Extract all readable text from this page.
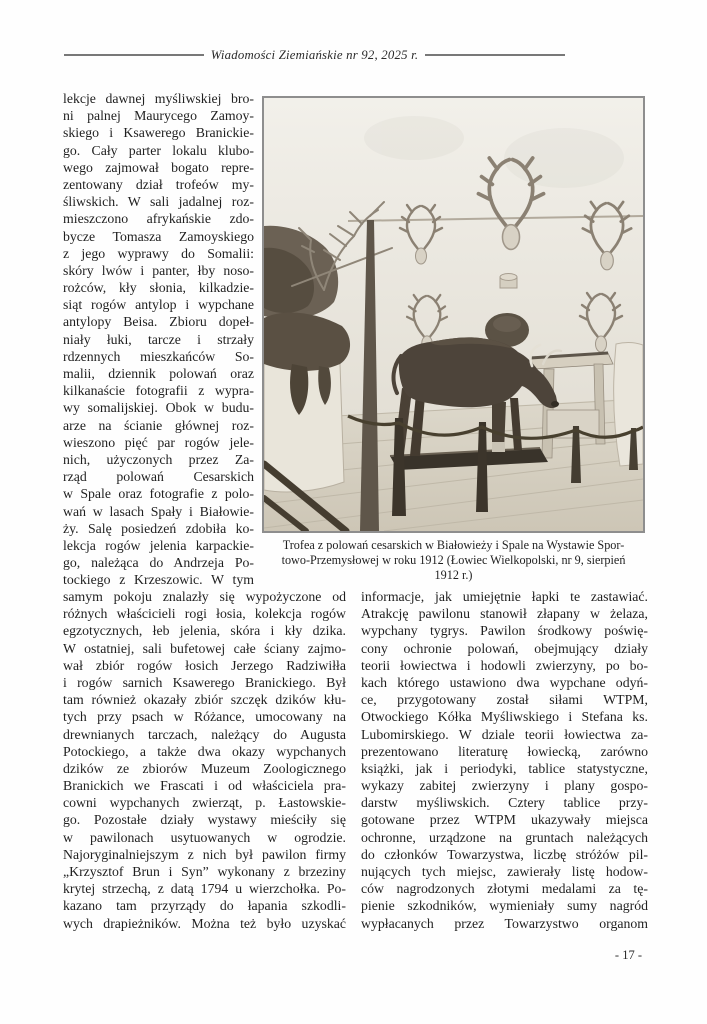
Wiadomości Ziemiańskie nr 92, 2025 r.
lekcje dawnej myśliwskiej bro-
ni palnej Maurycego Zamoy-
skiego i Ksawerego Branickie-
go. Cały parter lokalu klubo-
wego zajmował bogato repre-
zentowany dział trofeów my-
śliwskich. W sali jadalnej roz-
mieszczono afrykańskie zdo-
bycze Tomasza Zamoyskiego
z jego wyprawy do Somalii:
skóry lwów i panter, łby noso-
rożców, kły słonia, kilkadzie-
siąt rogów antylop i wypchane
antylopy Beisa. Zbioru dopeł-
niały łuki, tarcze i strzały
rdzennych mieszkańców So-
malii, dziennik polowań oraz
kilkanaście fotografii z wypra-
wy somalijskiej. Obok w budu-
arze na ścianie głównej roz-
wieszono pięć par rogów jele-
nich, użyczonych przez Za-
rząd polowań Cesarskich
w Spale oraz fotografie z polo-
wań w lasach Spały i Białowie-
ży. Salę posiedzeń zdobiła ko-
lekcja rogów jelenia karpackie-
go, należąca do Andrzeja Po-
tockiego z Krzeszowic. W tym
Trofea z polowań cesarskich w Białowieży i Spale na Wystawie Spor-
towo-Przemysłowej w roku 1912 (Łowiec Wielkopolski, nr 9, sierpień
1912 r.)
samym pokoju znalazły się wypożyczone od
różnych właścicieli rogi łosia, kolekcja rogów
egzotycznych, łeb jelenia, skóra i kły dzika.
W ostatniej, sali bufetowej całe ściany zajmo-
wał zbiór rogów łosich Jerzego Radziwiłła
i rogów sarnich Ksawerego Branickiego. Był
tam również okazały zbiór szczęk dzików kłu-
tych przy psach w Różance, umocowany na
drewnianych tarczach, należący do Augusta
Potockiego, a także dwa okazy wypchanych
dzików ze zbiorów Muzeum Zoologicznego
Branickich we Frascati i od właściciela pra-
cowni wypchanych zwierząt, p. Łastowskie-
go. Pozostałe działy wystawy mieściły się
w pawilonach usytuowanych w ogrodzie.
Najoryginalniejszym z nich był pawilon firmy
„Krzysztof Brun i Syn” wykonany z brzeziny
krytej strzechą, z datą 1794 u wierzchołka. Po-
kazano tam przyrządy do łapania szkodli-
wych drapieżników. Można też było uzyskać
informacje, jak umiejętnie łapki te zastawiać.
Atrakcję pawilonu stanowił złapany w żelaza,
wypchany tygrys. Pawilon środkowy poświę-
cony ochronie polowań, obejmujący działy
teorii łowiectwa i hodowli zwierzyny, po bo-
kach którego ustawiono dwa wypchane odyń-
ce, przygotowany został siłami WTPM,
Otwockiego Kółka Myśliwskiego i Stefana ks.
Lubomirskiego. W dziale teorii łowiectwa za-
prezentowano literaturę łowiecką, zarówno
książki, jak i periodyki, tablice statystyczne,
wykazy zabitej zwierzyny i plany gospo-
darstw myśliwskich. Cztery tablice przy-
gotowane przez WTPM ukazywały miejsca
ochronne, urządzone na gruntach należących
do członków Towarzystwa, liczbę stróżów pil-
nujących tych miejsc, zawierały listę hodow-
ców nagrodzonych złotymi medalami za tę-
pienie szkodników, wymieniały sumy nagród
wypłacanych przez Towarzystwo organom
- 17 -
